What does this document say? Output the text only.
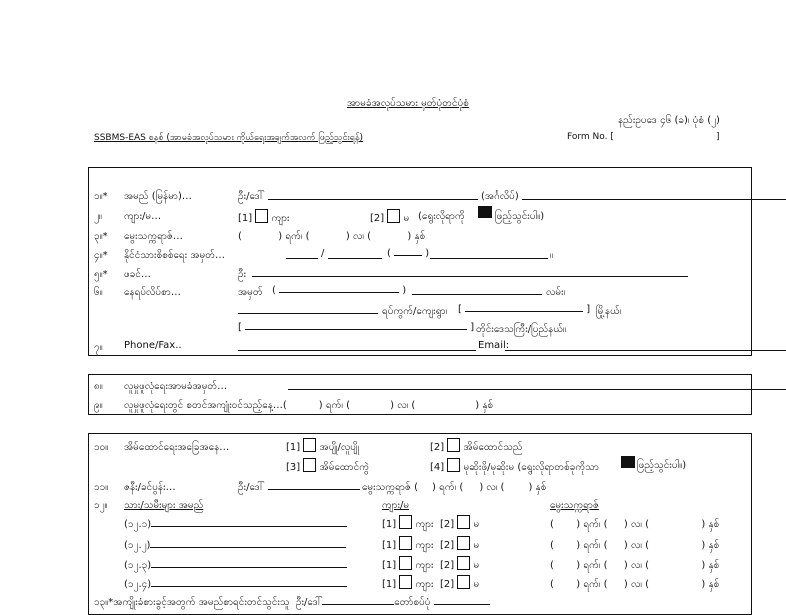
အာမခံအလုပ်သမား မှတ်ပုံတင်ပုံစံ
နည်းဥပဒေ ၄၆ (ခ)၊ ပုံစံ (၂)
SSBMS-EAS စနစ် (အာမခံအလုပ်သမား ကိုယ်ရေးအချက်အလက် ဖြည့်သွင်းရန်)	Form No. [	]
၁။* အမည် (မြန်မာ)…	ဦး/ဒေါ်	(အင်္ဂလိပ်)
၂။ ကျား/မ…	[1] ကျား	[2] မ (ရွေးလိုရာကို	ဖြည့်သွင်းပါ။)
၃။* မွေးသက္ကရာဇ်…	(	) ရက်၊ (	) လ၊ (	) နှစ်
၄။* နိုင်ငံသားစိစစ်ရေး အမှတ်…	/	(	)	။
၅။* ဖခင်…	ဦး
၆။ နေရပ်လိပ်စာ…	အမှတ် (	)	လမ်း၊
ရပ်ကွက်/ကျေးရွာ၊ [	] မြို့နယ်၊
[	] တိုင်းဒေသကြီး/ပြည်နယ်။
၇။ Phone/Fax..	Email:
၈။ လူမှုဖူလုံရေးအာမခံအမှတ်…
၉။ လူမှုဖူလုံရေးတွင် စတင်အကျုံးဝင်သည့်နေ့…(	) ရက်၊ (	) လ၊ (	) နှစ်
၁၀။ အိမ်ထောင်ရေးအခြေအနေ…	[1] အပျို/လူပျို	[2] အိမ်ထောင်သည်
[3] အိမ်ထောင်ကွဲ	[4] မုဆိုးဖို/မုဆိုးမ (ရွေးလိုရာတစ်ခုကိုသာ	ဖြည့်သွင်းပါ။)
၁၁။ ဇနီး/ခင်ပွန်း…	ဦး/ဒေါ်	မွေးသက္ကရာဇ် ( ) ရက်၊ ( ) လ၊ ( ) နှစ်
၁၂။ သား/သမီးများ အမည်	ကျား/မ	မွေးသက္ကရာဇ်
(၁၂.၁)	[1] ကျား [2] မ	(  ) ရက်၊ (  ) လ၊ (	) နှစ်
(၁၂.၂)	[1] ကျား [2] မ	(  ) ရက်၊ (  ) လ၊ (	) နှစ်
(၁၂.၃)	[1] ကျား [2] မ	(  ) ရက်၊ (  ) လ၊ (	) နှစ်
(၁၂.၄)	[1] ကျား [2] မ	(  ) ရက်၊ (  ) လ၊ (	) နှစ်
၁၃။*အကျိုးခံစားခွင့်အတွက် အမည်စာရင်းတင်သွင်းသူ ဦး/ဒေါ်	တော်စပ်ပုံ
